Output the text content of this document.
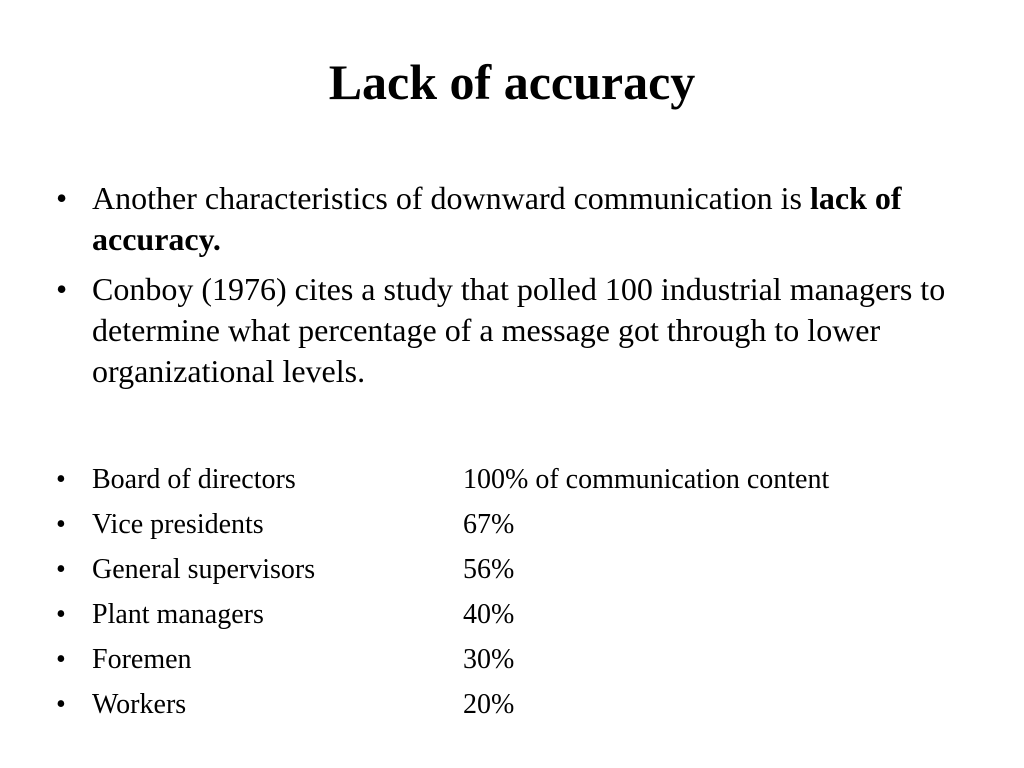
Lack of accuracy
• Another characteristics of downward communication is lack of accuracy.
• Conboy (1976) cites a study that polled 100 industrial managers to determine what percentage of a message got through to lower organizational levels.
• Board of directors	100% of communication content
• Vice presidents	67%
• General supervisors	56%
• Plant managers	40%
• Foremen	30%
• Workers	20%
